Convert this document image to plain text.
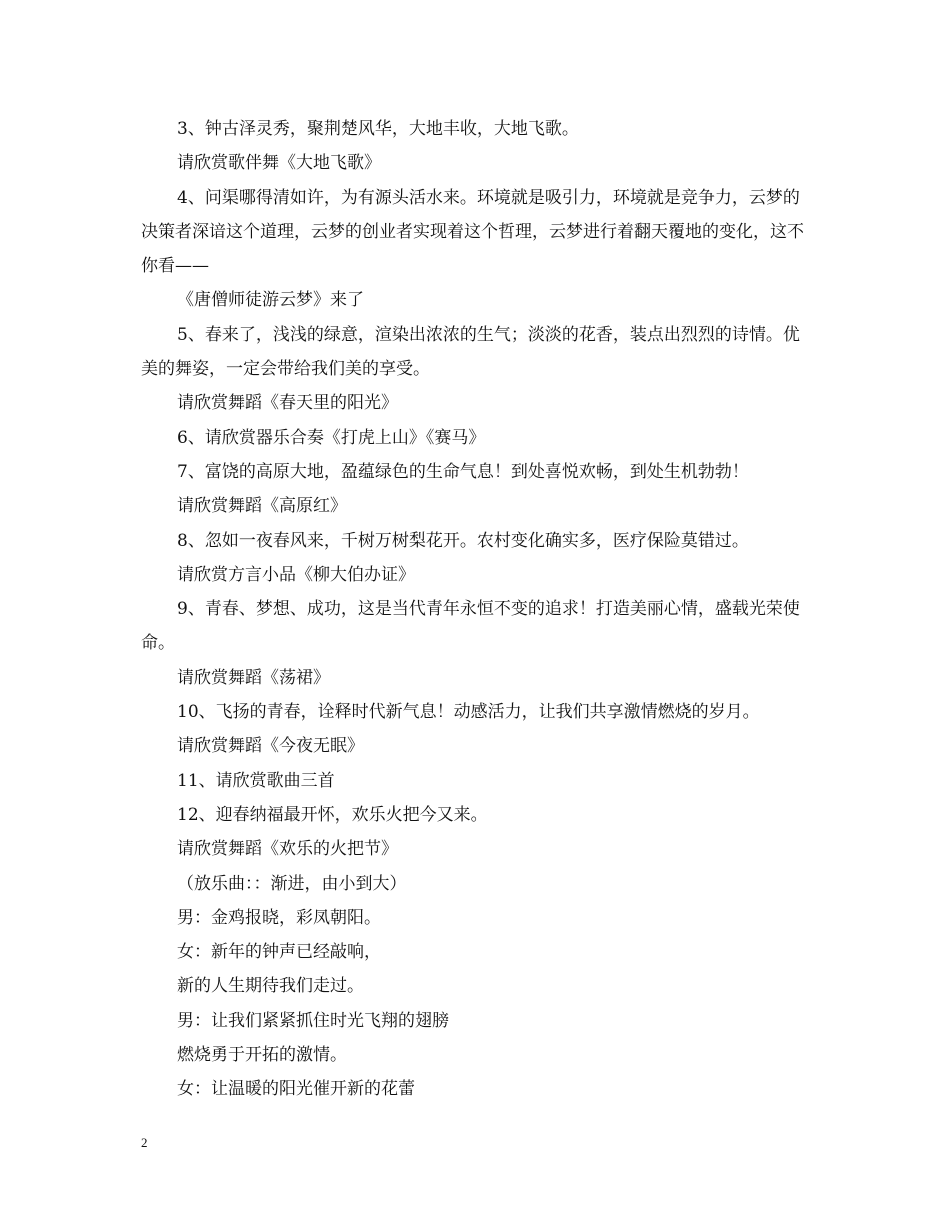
3、钟古泽灵秀，聚荆楚风华，大地丰收，大地飞歌。

请欣赏歌伴舞《大地飞歌》

4、问渠哪得清如许，为有源头活水来。环境就是吸引力，环境就是竞争力，云梦的决策者深谙这个道理，云梦的创业者实现着这个哲理，云梦进行着翻天覆地的变化，这不你看——

《唐僧师徒游云梦》来了

5、春来了，浅浅的绿意，渲染出浓浓的生气；淡淡的花香，装点出烈烈的诗情。优美的舞姿，一定会带给我们美的享受。

请欣赏舞蹈《春天里的阳光》

6、请欣赏器乐合奏《打虎上山》《赛马》

7、富饶的高原大地，盈蕴绿色的生命气息！到处喜悦欢畅，到处生机勃勃！

请欣赏舞蹈《高原红》

8、忽如一夜春风来，千树万树梨花开。农村变化确实多，医疗保险莫错过。

请欣赏方言小品《柳大伯办证》

9、青春、梦想、成功，这是当代青年永恒不变的追求！打造美丽心情，盛载光荣使命。

请欣赏舞蹈《荡裙》

10、飞扬的青春，诠释时代新气息！动感活力，让我们共享激情燃烧的岁月。

请欣赏舞蹈《今夜无眠》

11、请欣赏歌曲三首

12、迎春纳福最开怀，欢乐火把今又来。

请欣赏舞蹈《欢乐的火把节》

（放乐曲：：渐进，由小到大）

男：金鸡报晓，彩凤朝阳。

女：新年的钟声已经敲响，

新的人生期待我们走过。

男：让我们紧紧抓住时光飞翔的翅膀

燃烧勇于开拓的激情。

女：让温暖的阳光催开新的花蕾

2
